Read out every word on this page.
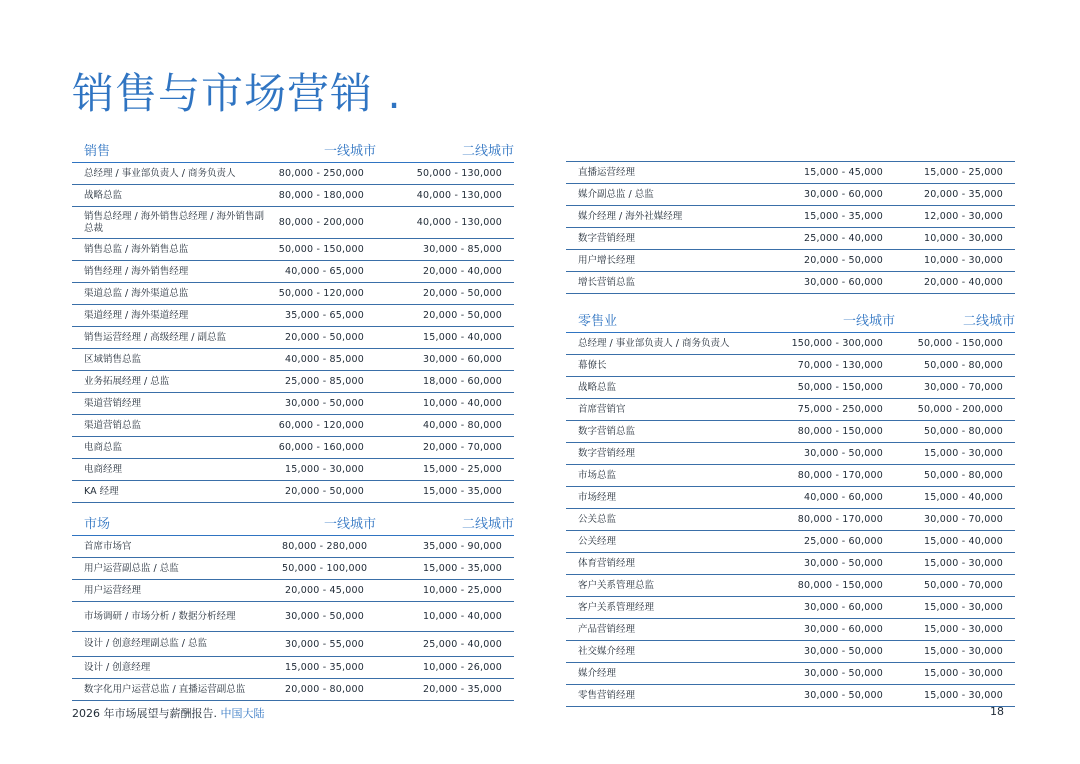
销售与市场营销 .
销售	一线城市	二线城市
总经理 / 事业部负责人 / 商务负责人	80,000 - 250,000	50,000 - 130,000
战略总监	80,000 - 180,000	40,000 - 130,000
销售总经理 / 海外销售总经理 / 海外销售副总裁	80,000 - 200,000	40,000 - 130,000
销售总监 / 海外销售总监	50,000 - 150,000	30,000 - 85,000
销售经理 / 海外销售经理	40,000 - 65,000	20,000 - 40,000
渠道总监 / 海外渠道总监	50,000 - 120,000	20,000 - 50,000
渠道经理 / 海外渠道经理	35,000 - 65,000	20,000 - 50,000
销售运营经理 / 高级经理 / 副总监	20,000 - 50,000	15,000 - 40,000
区域销售总监	40,000 - 85,000	30,000 - 60,000
业务拓展经理 / 总监	25,000 - 85,000	18,000 - 60,000
渠道营销经理	30,000 - 50,000	10,000 - 40,000
渠道营销总监	60,000 - 120,000	40,000 - 80,000
电商总监	60,000 - 160,000	20,000 - 70,000
电商经理	15,000 - 30,000	15,000 - 25,000
KA 经理	20,000 - 50,000	15,000 - 35,000
市场	一线城市	二线城市
首席市场官	80,000 - 280,000	35,000 - 90,000
用户运营副总监 / 总监	50,000 - 100,000	15,000 - 35,000
用户运营经理	20,000 - 45,000	10,000 - 25,000
市场调研 / 市场分析 / 数据分析经理	30,000 - 50,000	10,000 - 40,000
设计 / 创意经理副总监 / 总监	30,000 - 55,000	25,000 - 40,000
设计 / 创意经理	15,000 - 35,000	10,000 - 26,000
数字化用户运营总监 / 直播运营副总监	20,000 - 80,000	20,000 - 35,000
直播运营经理	15,000 - 45,000	15,000 - 25,000
媒介副总监 / 总监	30,000 - 60,000	20,000 - 35,000
媒介经理 / 海外社媒经理	15,000 - 35,000	12,000 - 30,000
数字营销经理	25,000 - 40,000	10,000 - 30,000
用户增长经理	20,000 - 50,000	10,000 - 30,000
增长营销总监	30,000 - 60,000	20,000 - 40,000
零售业	一线城市	二线城市
总经理 / 事业部负责人 / 商务负责人	150,000 - 300,000	50,000 - 150,000
幕僚长	70,000 - 130,000	50,000 - 80,000
战略总监	50,000 - 150,000	30,000 - 70,000
首席营销官	75,000 - 250,000	50,000 - 200,000
数字营销总监	80,000 - 150,000	50,000 - 80,000
数字营销经理	30,000 - 50,000	15,000 - 30,000
市场总监	80,000 - 170,000	50,000 - 80,000
市场经理	40,000 - 60,000	15,000 - 40,000
公关总监	80,000 - 170,000	30,000 - 70,000
公关经理	25,000 - 60,000	15,000 - 40,000
体育营销经理	30,000 - 50,000	15,000 - 30,000
客户关系管理总监	80,000 - 150,000	50,000 - 70,000
客户关系管理经理	30,000 - 60,000	15,000 - 30,000
产品营销经理	30,000 - 60,000	15,000 - 30,000
社交媒介经理	30,000 - 50,000	15,000 - 30,000
媒介经理	30,000 - 50,000	15,000 - 30,000
零售营销经理	30,000 - 50,000	15,000 - 30,000
2026 年市场展望与薪酬报告. 中国大陆	18
